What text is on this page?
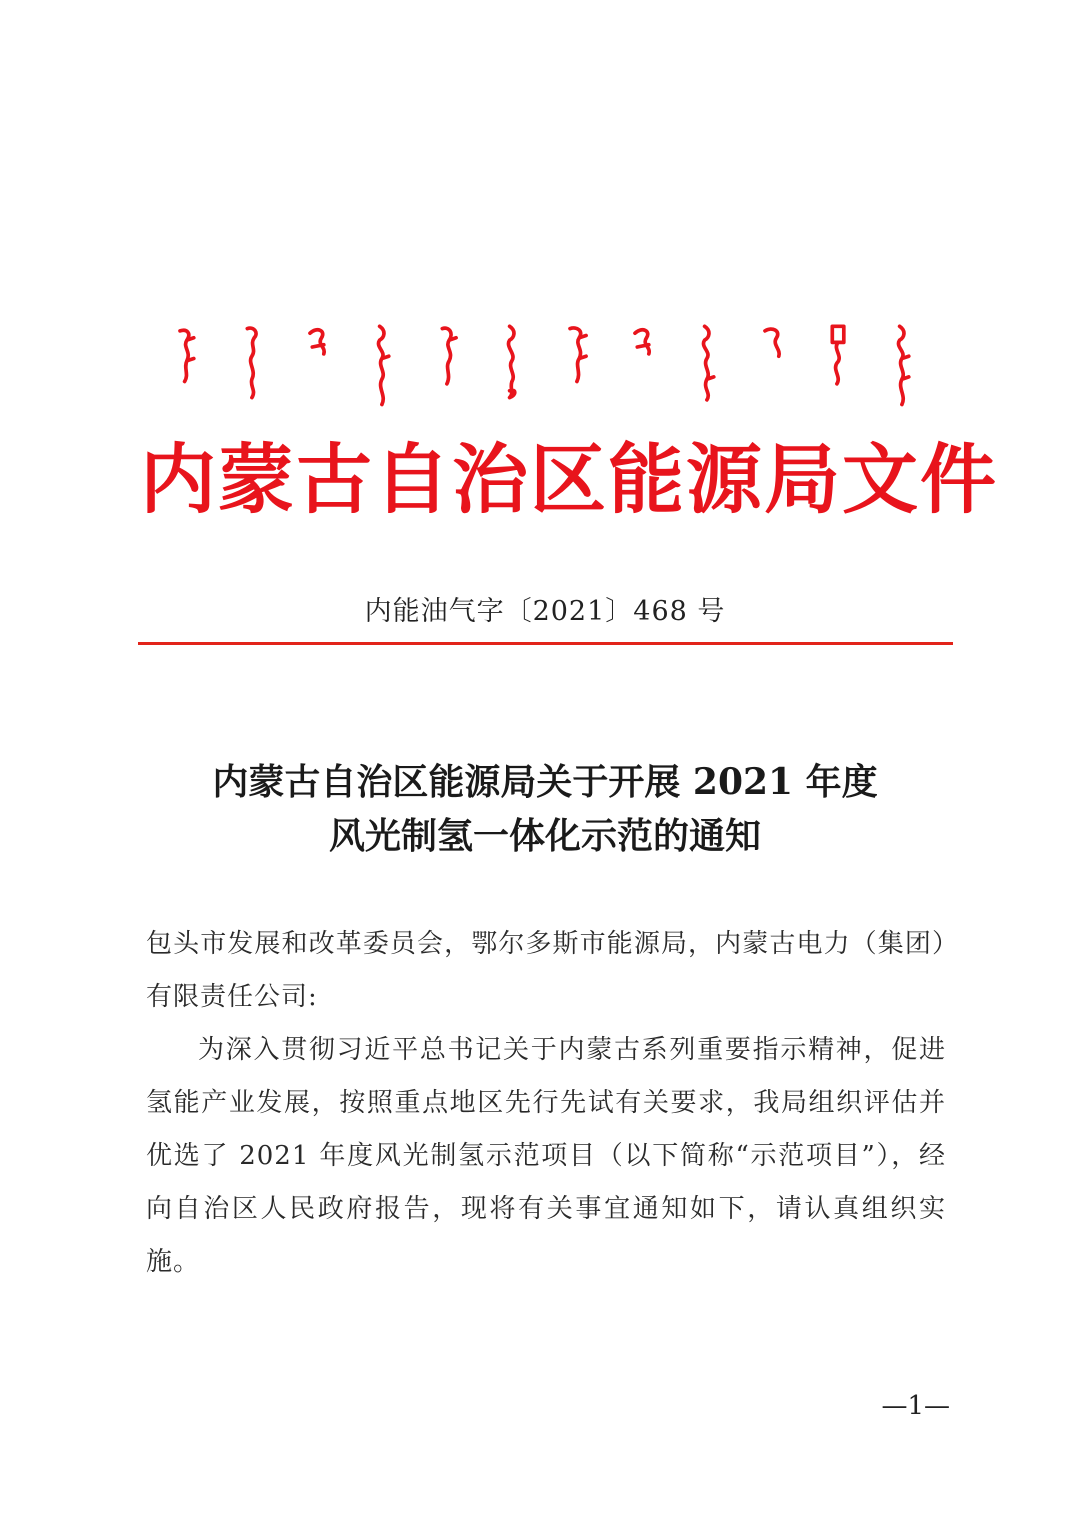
内蒙古自治区能源局文件
内能油气字〔2021〕468 号
内蒙古自治区能源局关于开展 2021 年度
风光制氢一体化示范的通知

包头市发展和改革委员会，鄂尔多斯市能源局，内蒙古电力（集团）有限责任公司:

为深入贯彻习近平总书记关于内蒙古系列重要指示精神，促进氢能产业发展，按照重点地区先行先试有关要求，我局组织评估并优选了 2021 年度风光制氢示范项目（以下简称“示范项目”），经向自治区人民政府报告，现将有关事宜通知如下，请认真组织实施。

—1—
